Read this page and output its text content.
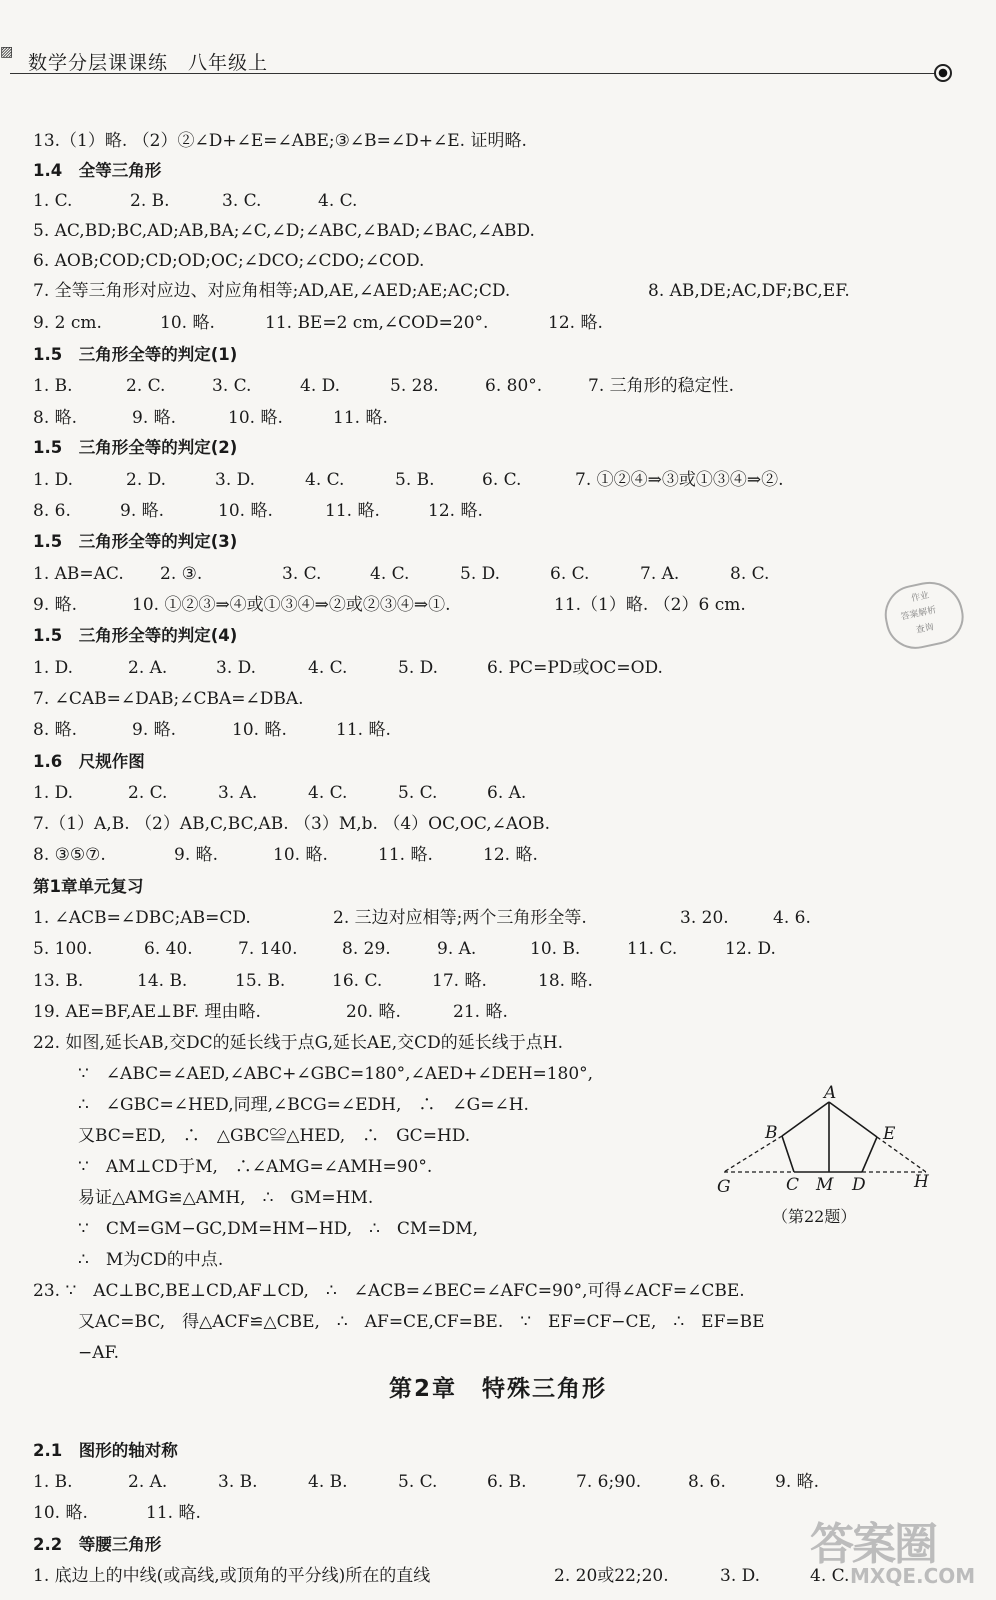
▨ 数学分层课课练　八年级上
13.（1）略. （2）②∠D+∠E=∠ABE;③∠B=∠D+∠E. 证明略.
1.4　全等三角形
1. C.	2. B.	3. C.	4. C.
5. AC,BD;BC,AD;AB,BA;∠C,∠D;∠ABC,∠BAD;∠BAC,∠ABD.
6. AOB;COD;CD;OD;OC;∠DCO;∠CDO;∠COD.
7. 全等三角形对应边、对应角相等;AD,AE,∠AED;AE;AC;CD.	8. AB,DE;AC,DF;BC,EF.
9. 2 cm.	10. 略.	11. BE=2 cm,∠COD=20°.	12. 略.
1.5　三角形全等的判定(1)
1. B.	2. C.	3. C.	4. D.	5. 28.	6. 80°.	7. 三角形的稳定性.
8. 略.	9. 略.	10. 略.	11. 略.
1.5　三角形全等的判定(2)
1. D.	2. D.	3. D.	4. C.	5. B.	6. C.	7. ①②④⇒③或①③④⇒②.
8. 6.	9. 略.	10. 略.	11. 略.	12. 略.
1.5　三角形全等的判定(3)
1. AB=AC. 2. ③.	3. C.	4. C.	5. D.	6. C.	7. A.	8. C.
9. 略.	10. ①②③⇒④或①③④⇒②或②③④⇒①.	11.（1）略. （2）6 cm.
1.5　三角形全等的判定(4)
1. D.	2. A.	3. D.	4. C.	5. D.	6. PC=PD或OC=OD.
7. ∠CAB=∠DAB;∠CBA=∠DBA.
8. 略.	9. 略.	10. 略.	11. 略.
1.6　尺规作图
1. D.	2. C.	3. A.	4. C.	5. C.	6. A.
7.（1）A,B. （2）AB,C,BC,AB. （3）M,b. （4）OC,OC,∠AOB.
8. ③⑤⑦.	9. 略.	10. 略.	11. 略.	12. 略.
第1章单元复习
1. ∠ACB=∠DBC;AB=CD.	2. 三边对应相等;两个三角形全等.	3. 20.	4. 6.
5. 100.	6. 40.	7. 140.	8. 29.	9. A.	10. B.	11. C.	12. D.
13. B.	14. B.	15. B.	16. C.	17. 略.	18. 略.
19. AE=BF,AE⊥BF. 理由略.	20. 略.	21. 略.
22. 如图,延长AB,交DC的延长线于点G,延长AE,交CD的延长线于点H.
∵　∠ABC=∠AED,∠ABC+∠GBC=180°,∠AED+∠DEH=180°,
∴　∠GBC=∠HED,同理,∠BCG=∠EDH,　∴　∠G=∠H.
又BC=ED,　∴　△GBC≌△HED,　∴　GC=HD.
∵　AM⊥CD于M,　∴∠AMG=∠AMH=90°.
易证△AMG≌△AMH,　∴　GM=HM.
∵　CM=GM−GC,DM=HM−HD,　∴　CM=DM,
∴　M为CD的中点.
23. ∵　AC⊥BC,BE⊥CD,AF⊥CD,　∴　∠ACB=∠BEC=∠AFC=90°,可得∠ACF=∠CBE.
又AC=BC,　得△ACF≌△CBE,　∴　AF=CE,CF=BE.　∵　EF=CF−CE,　∴　EF=BE
−AF.
2.1　图形的轴对称
1. B.	2. A.	3. B.	4. B.	5. C.	6. B.	7. 6;90.	8. 6.	9. 略.
10. 略.	11. 略.
2.2　等腰三角形
1. 底边上的中线(或高线,或顶角的平分线)所在的直线	2. 20或22;20.	3. D.	4. C.
第2章　特殊三角形
A
B	E
G	C M D	H
（第22题）
作业
答案解析
查询
答案圈
MXQE.COM
